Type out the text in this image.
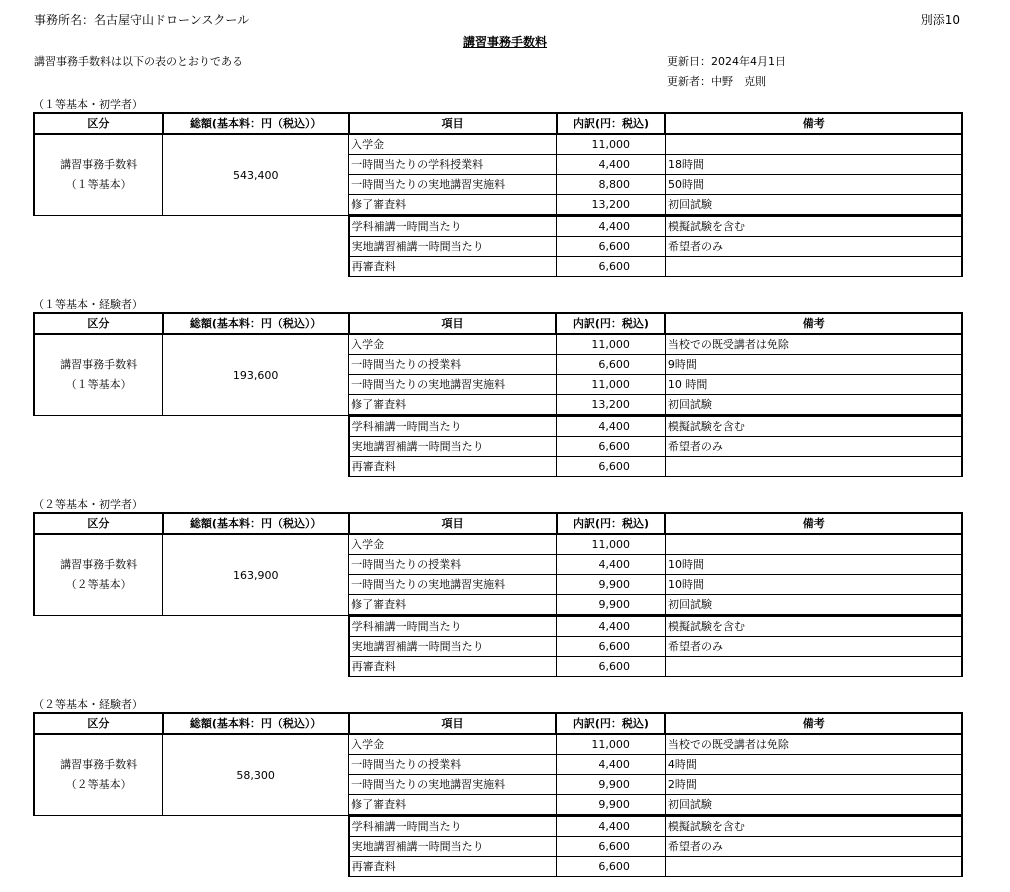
事務所名：名古屋守山ドローンスクール	別添10
講習事務手数料
講習事務手数料は以下の表のとおりである	更新日：2024年4月1日
更新者：中野　克則
（１等基本・初学者）
区分	総額(基本料：円（税込））	項目	内訳(円：税込)	備考

講習事務手数料
（１等基本）	543,400	入学金	11,000	
		一時間当たりの学科授業料	4,400	18時間
		一時間当たりの実地講習実施料	8,800	50時間
		修了審査料	13,200	初回試験
		学科補講一時間当たり	4,400	模擬試験を含む
		実地講習補講一時間当たり	6,600	希望者のみ
		再審査料	6,600	
（１等基本・経験者）
区分	総額(基本料：円（税込））	項目	内訳(円：税込)	備考

講習事務手数料
（１等基本）	193,600	入学金	11,000	当校での既受講者は免除
		一時間当たりの授業料	6,600	9時間
		一時間当たりの実地講習実施料	11,000	10 時間
		修了審査料	13,200	初回試験
		学科補講一時間当たり	4,400	模擬試験を含む
		実地講習補講一時間当たり	6,600	希望者のみ
		再審査料	6,600	
（２等基本・初学者）
区分	総額(基本料：円（税込））	項目	内訳(円：税込)	備考

講習事務手数料
（２等基本）	163,900	入学金	11,000	
		一時間当たりの授業料	4,400	10時間
		一時間当たりの実地講習実施料	9,900	10時間
		修了審査料	9,900	初回試験
		学科補講一時間当たり	4,400	模擬試験を含む
		実地講習補講一時間当たり	6,600	希望者のみ
		再審査料	6,600	
（２等基本・経験者）
区分	総額(基本料：円（税込））	項目	内訳(円：税込)	備考

講習事務手数料
（２等基本）	58,300	入学金	11,000	当校での既受講者は免除
		一時間当たりの授業料	4,400	4時間
		一時間当たりの実地講習実施料	9,900	2時間
		修了審査料	9,900	初回試験
		学科補講一時間当たり	4,400	模擬試験を含む
		実地講習補講一時間当たり	6,600	希望者のみ
		再審査料	6,600	
